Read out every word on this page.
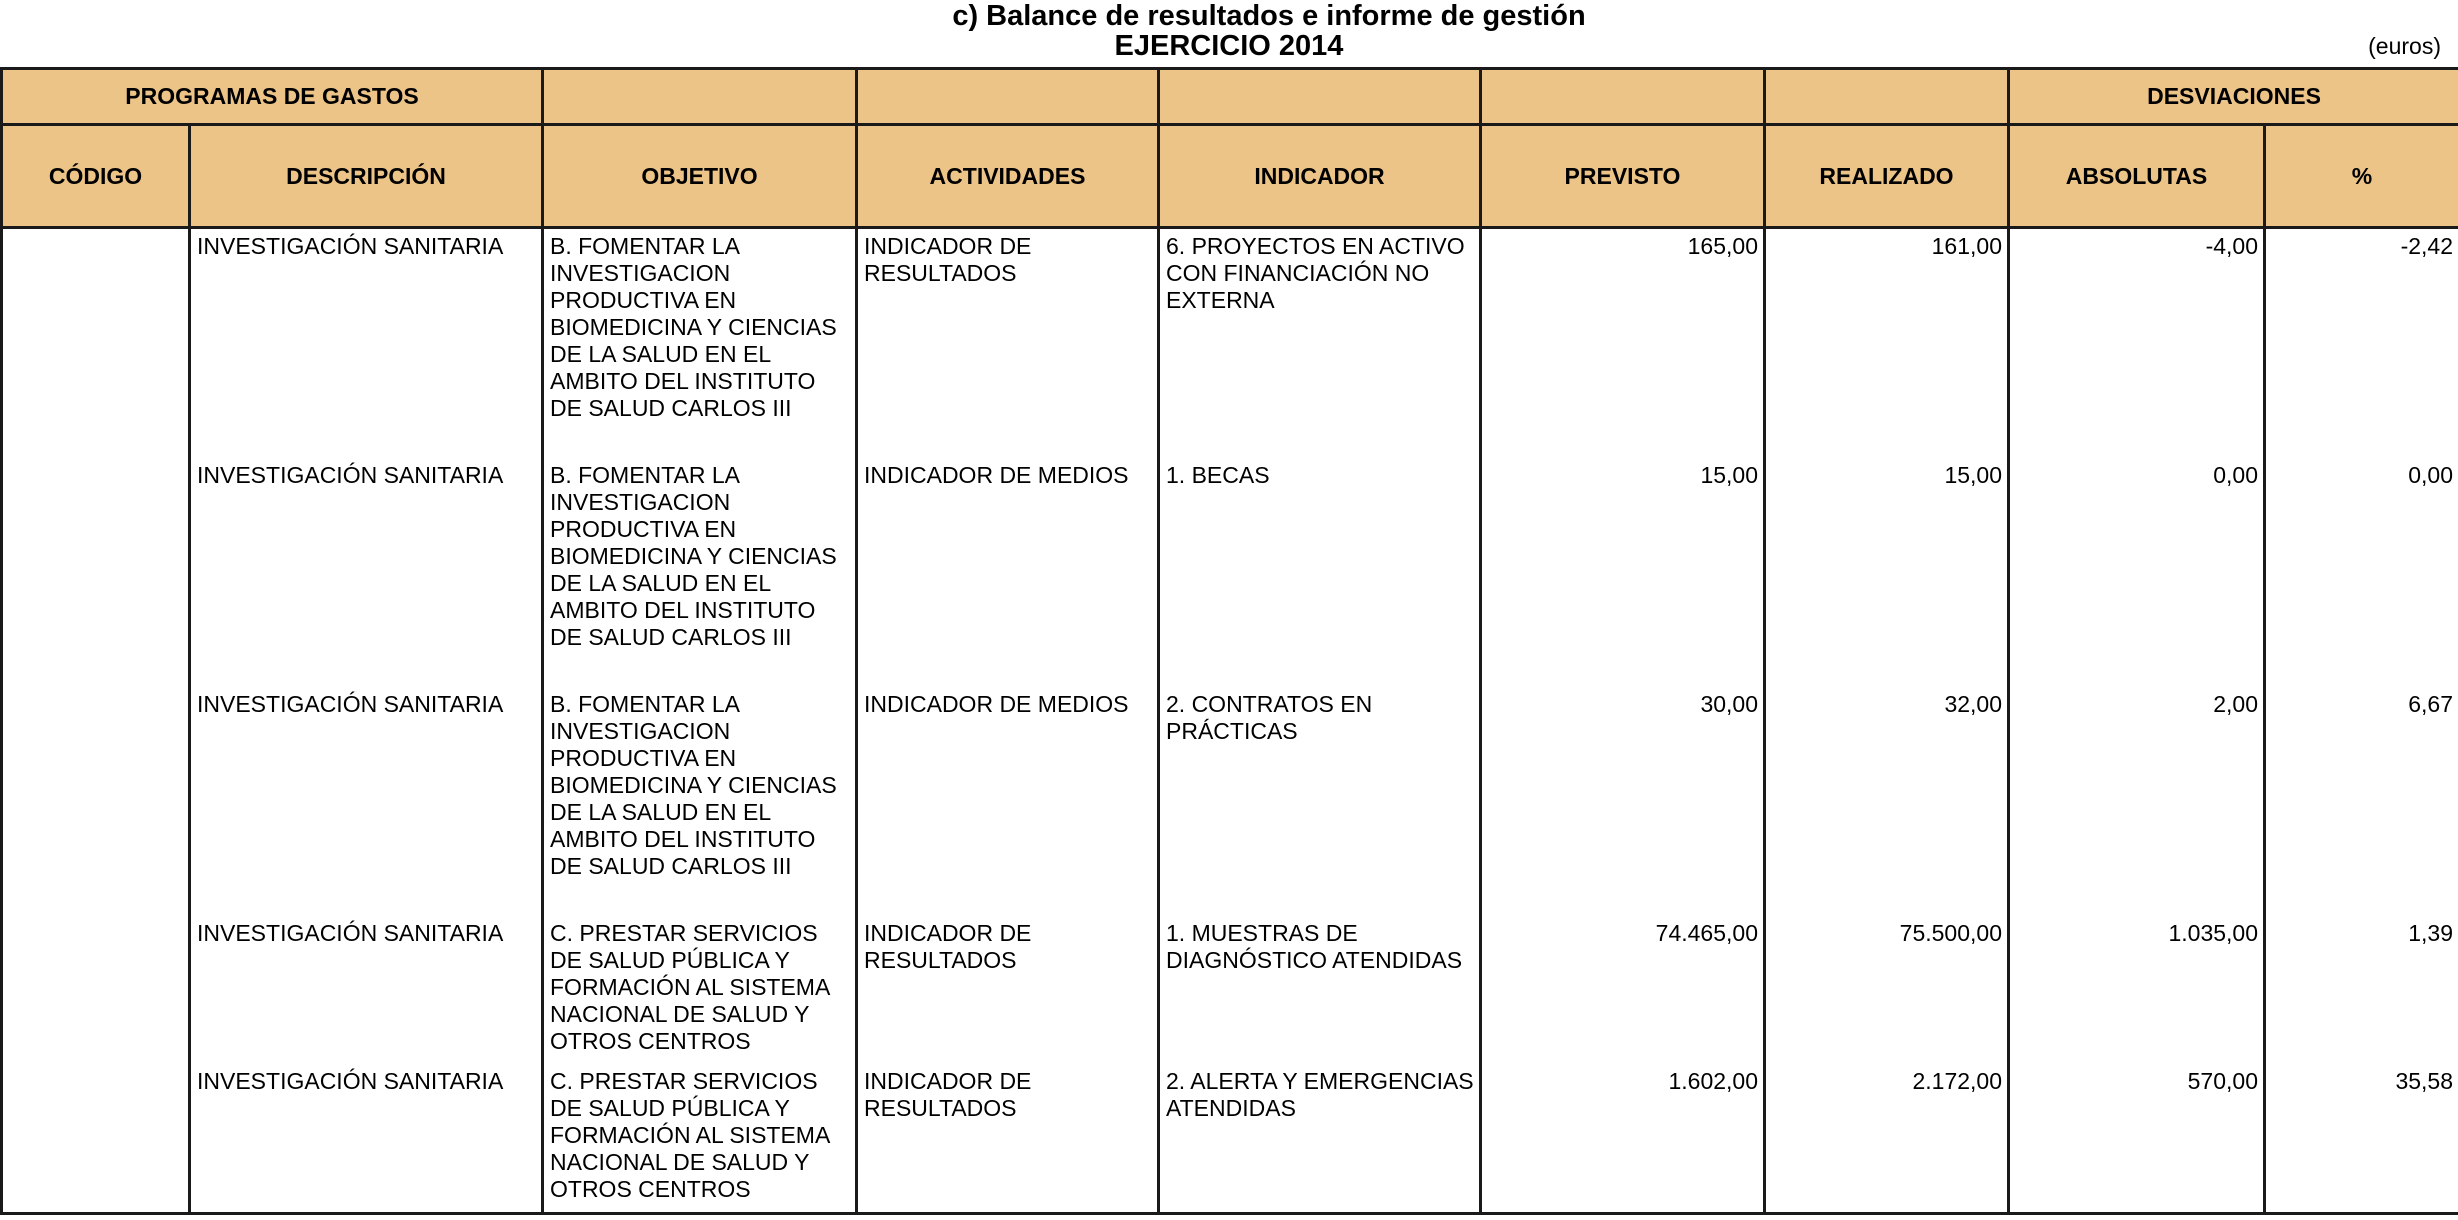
c) Balance de resultados e informe de gestión
EJERCICIO 2014	(euros)
PROGRAMAS DE GASTOS							DESVIACIONES	
CÓDIGO	DESCRIPCIÓN	OBJETIVO	ACTIVIDADES	INDICADOR	PREVISTO	REALIZADO	ABSOLUTAS	%
	INVESTIGACIÓN SANITARIA	B. FOMENTAR LA INVESTIGACION PRODUCTIVA EN BIOMEDICINA Y CIENCIAS DE LA SALUD EN EL AMBITO DEL INSTITUTO DE SALUD CARLOS III	INDICADOR DE RESULTADOS	6. PROYECTOS EN ACTIVO CON FINANCIACIÓN NO EXTERNA	165,00	161,00	-4,00	-2,42
	INVESTIGACIÓN SANITARIA	B. FOMENTAR LA INVESTIGACION PRODUCTIVA EN BIOMEDICINA Y CIENCIAS DE LA SALUD EN EL AMBITO DEL INSTITUTO DE SALUD CARLOS III	INDICADOR DE MEDIOS	1. BECAS	15,00	15,00	0,00	0,00
	INVESTIGACIÓN SANITARIA	B. FOMENTAR LA INVESTIGACION PRODUCTIVA EN BIOMEDICINA Y CIENCIAS DE LA SALUD EN EL AMBITO DEL INSTITUTO DE SALUD CARLOS III	INDICADOR DE MEDIOS	2. CONTRATOS EN PRÁCTICAS	30,00	32,00	2,00	6,67
	INVESTIGACIÓN SANITARIA	C. PRESTAR SERVICIOS DE SALUD PÚBLICA Y FORMACIÓN AL SISTEMA NACIONAL DE SALUD Y OTROS CENTROS	INDICADOR DE RESULTADOS	1. MUESTRAS DE DIAGNÓSTICO ATENDIDAS	74.465,00	75.500,00	1.035,00	1,39
	INVESTIGACIÓN SANITARIA	C. PRESTAR SERVICIOS DE SALUD PÚBLICA Y FORMACIÓN AL SISTEMA NACIONAL DE SALUD Y OTROS CENTROS	INDICADOR DE RESULTADOS	2. ALERTA Y EMERGENCIAS ATENDIDAS	1.602,00	2.172,00	570,00	35,58
